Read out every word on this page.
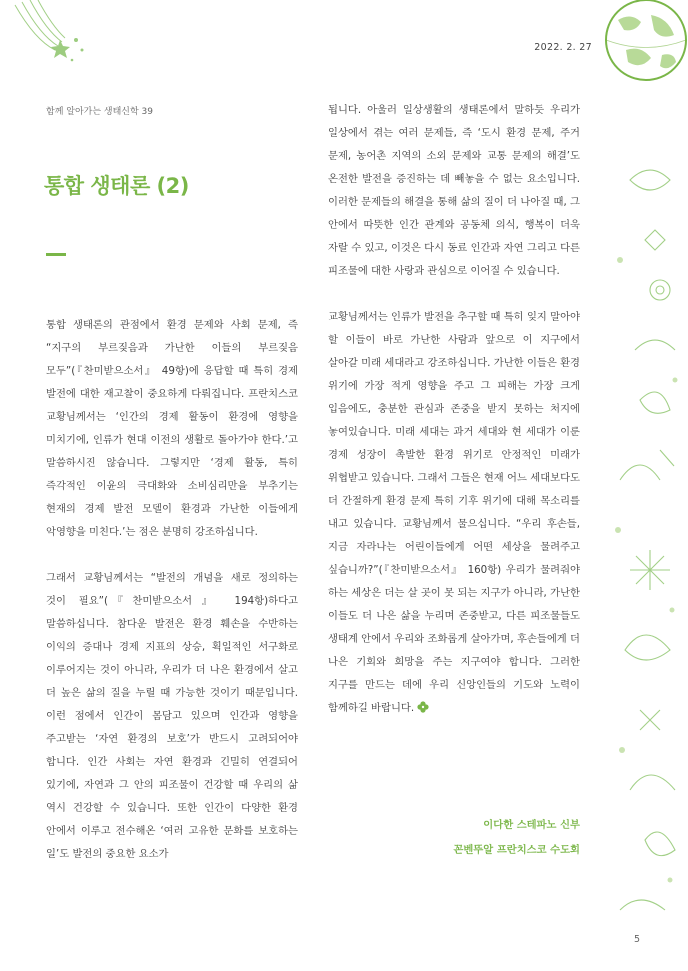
2022. 2. 27
함께 알아가는 생태신학 39
통합 생태론 (2)

통합 생태론의 관점에서 환경 문제와 사회 문제, 즉 “지구의 부르짖음과 가난한 이들의 부르짖음 모두”(『찬미받으소서』 49항)에 응답할 때 특히 경제 발전에 대한 재고찰이 중요하게 다뤄집니다. 프란치스코 교황님께서는 ‘인간의 경제 활동이 환경에 영향을 미치기에, 인류가 현대 이전의 생활로 돌아가야 한다.’고 말씀하시진 않습니다. 그렇지만 ‘경제 활동, 특히 즉각적인 이윤의 극대화와 소비심리만을 부추기는 현재의 경제 발전 모델이 환경과 가난한 이들에게 악영향을 미친다.’는 점은 분명히 강조하십니다.

그래서 교황님께서는 “발전의 개념을 새로 정의하는 것이 필요”(『찬미받으소서』 194항)하다고 말씀하십니다. 참다운 발전은 환경 훼손을 수반하는 이익의 증대나 경제 지표의 상승, 획일적인 서구화로 이루어지는 것이 아니라, 우리가 더 나은 환경에서 살고 더 높은 삶의 질을 누릴 때 가능한 것이기 때문입니다. 이런 점에서 인간이 몸담고 있으며 인간과 영향을 주고받는 ‘자연 환경의 보호’가 반드시 고려되어야 합니다. 인간 사회는 자연 환경과 긴밀히 연결되어 있기에, 자연과 그 안의 피조물이 건강할 때 우리의 삶 역시 건강할 수 있습니다. 또한 인간이 다양한 환경 안에서 이루고 전수해온 ‘여러 고유한 문화를 보호하는 일’도 발전의 중요한 요소가

됩니다. 아울러 일상생활의 생태론에서 말하듯 우리가 일상에서 겪는 여러 문제들, 즉 ‘도시 환경 문제, 주거 문제, 농어촌 지역의 소외 문제와 교통 문제의 해결’도 온전한 발전을 증진하는 데 빼놓을 수 없는 요소입니다. 이러한 문제들의 해결을 통해 삶의 질이 더 나아질 때, 그 안에서 따뜻한 인간 관계와 공동체 의식, 행복이 더욱 자랄 수 있고, 이것은 다시 동료 인간과 자연 그리고 다른 피조물에 대한 사랑과 관심으로 이어질 수 있습니다.

교황님께서는 인류가 발전을 추구할 때 특히 잊지 말아야 할 이들이 바로 가난한 사람과 앞으로 이 지구에서 살아갈 미래 세대라고 강조하십니다. 가난한 이들은 환경 위기에 가장 적게 영향을 주고 그 피해는 가장 크게 입음에도, 충분한 관심과 존중을 받지 못하는 처지에 놓여있습니다. 미래 세대는 과거 세대와 현 세대가 이룬 경제 성장이 촉발한 환경 위기로 안정적인 미래가 위협받고 있습니다. 그래서 그들은 현재 어느 세대보다도 더 간절하게 환경 문제 특히 기후 위기에 대해 목소리를 내고 있습니다. 교황님께서 물으십니다. “우리 후손들, 지금 자라나는 어린이들에게 어떤 세상을 물려주고 싶습니까?”(『찬미받으소서』 160항) 우리가 물려줘야 하는 세상은 더는 살 곳이 못 되는 지구가 아니라, 가난한 이들도 더 나은 삶을 누리며 존중받고, 다른 피조물들도 생태계 안에서 우리와 조화롭게 살아가며, 후손들에게 더 나은 기회와 희망을 주는 지구여야 합니다. 그러한 지구를 만드는 데에 우리 신앙인들의 기도와 노력이 함께하길 바랍니다.

이다한 스테파노 신부
꼰벤뚜알 프란치스코 수도회
5
